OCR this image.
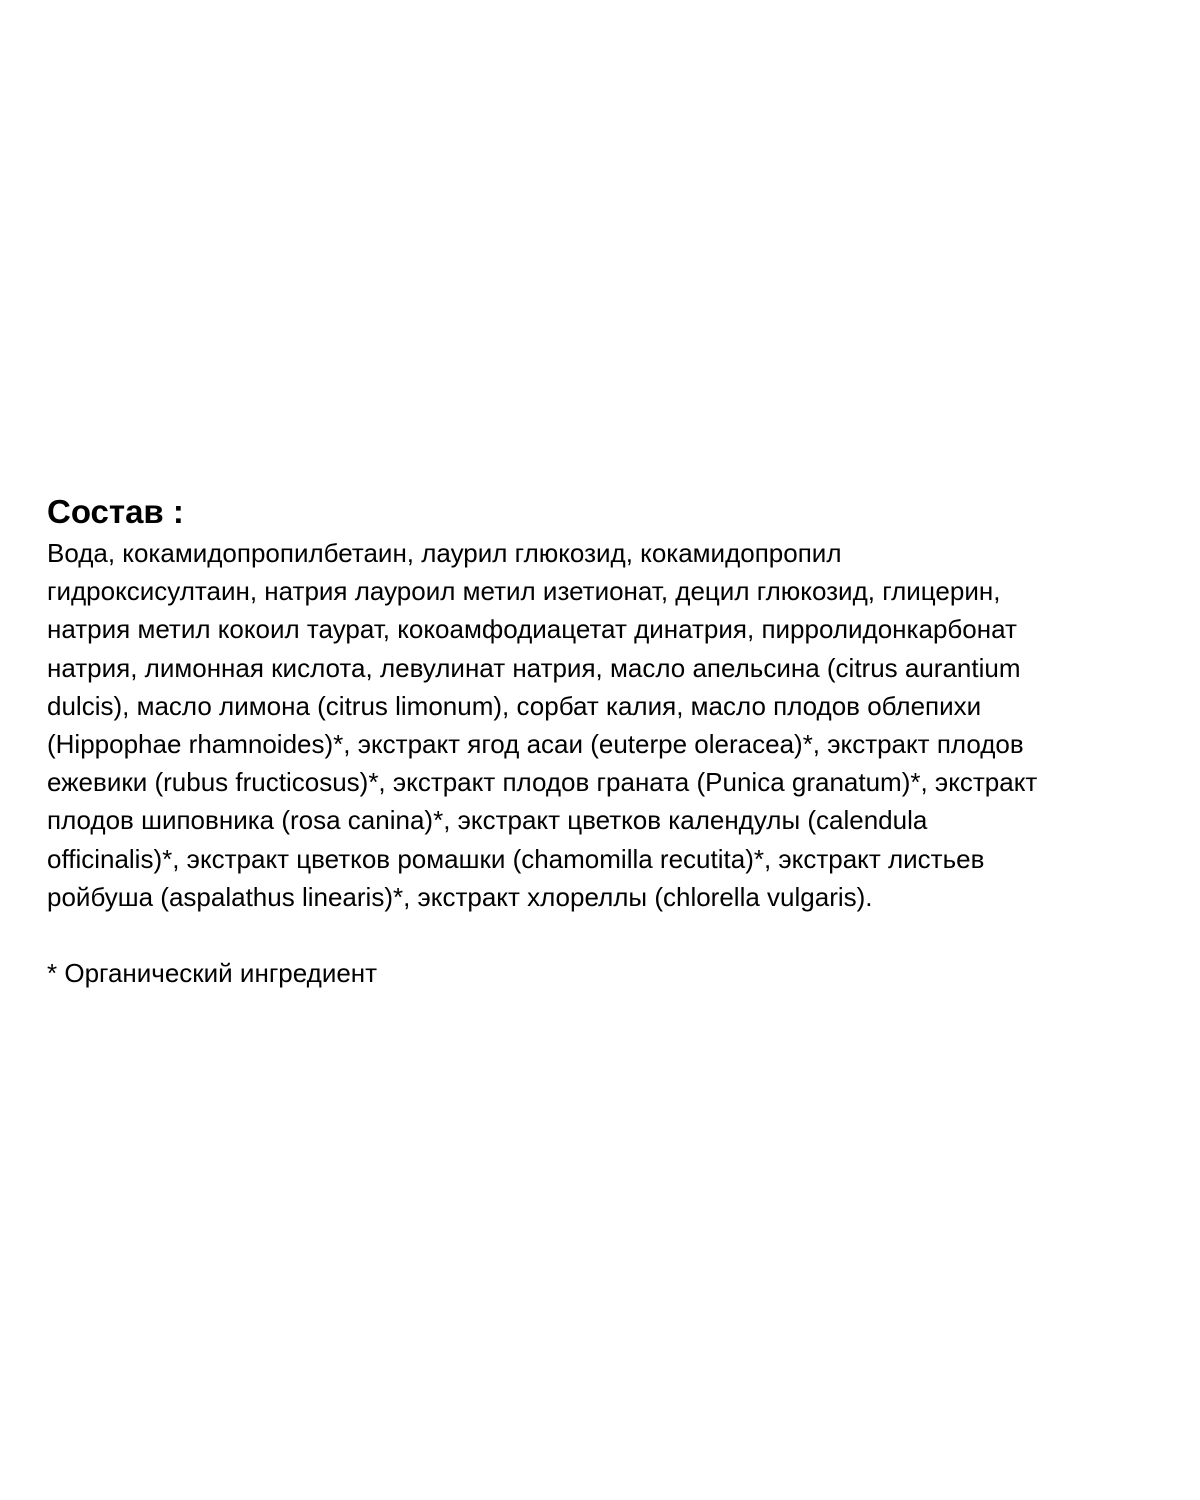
Состав :
Вода, кокамидопропилбетаин, лаурил глюкозид, кокамидопропил
гидроксисултаин, натрия лауроил метил изетионат, децил глюкозид, глицерин,
натрия метил кокоил таурат, кокоамфодиацетат динатрия, пирролидонкарбонат
натрия, лимонная кислота, левулинат натрия, масло апельсина (citrus aurantium
dulcis), масло лимона (citrus limonum), сорбат калия, масло плодов облепихи
(Hippophae rhamnoides)*, экстракт ягод асаи (euterpe oleracea)*, экстракт плодов
ежевики (rubus fructicosus)*, экстракт плодов граната (Punica granatum)*, экстракт
плодов шиповника (rosa canina)*, экстракт цветков календулы (calendula
officinalis)*, экстракт цветков ромашки (chamomilla recutita)*, экстракт листьев
ройбуша (aspalathus linearis)*, экстракт хлореллы (chlorella vulgaris).
* Органический ингредиент
